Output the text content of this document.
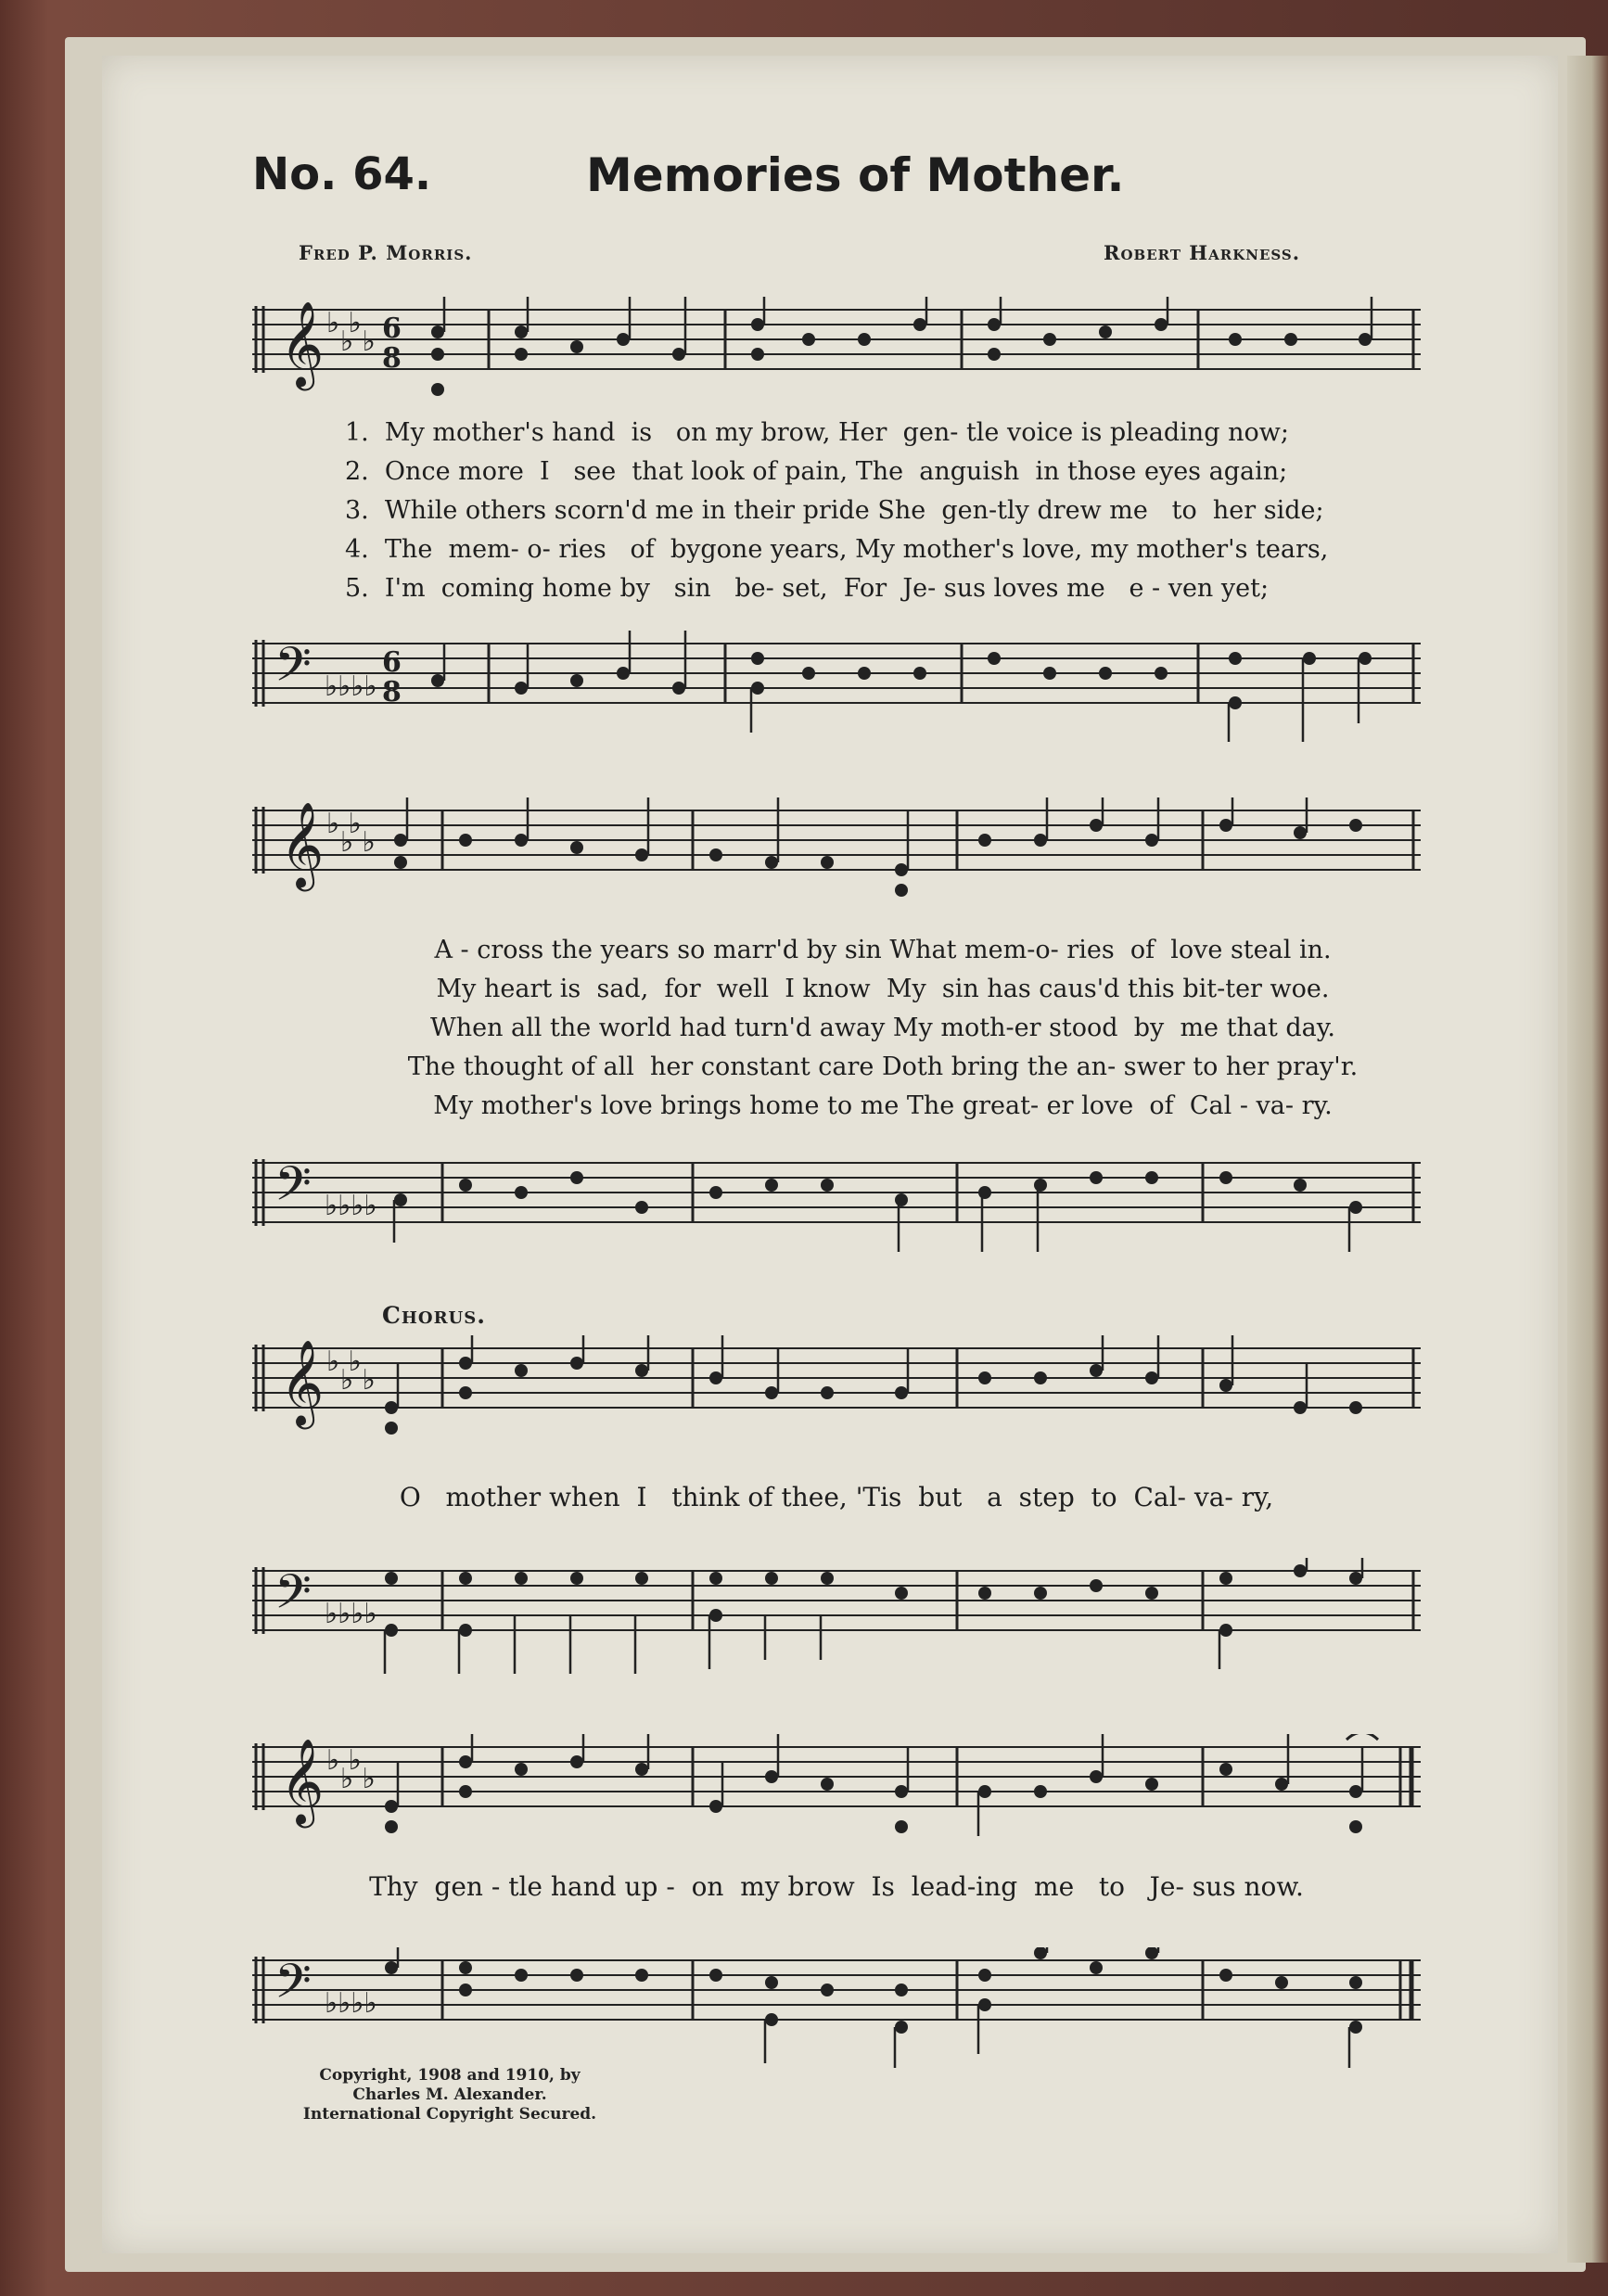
No. 64.	Memories of Mother.
Fred P. Morris.	Robert Harkness.
𝄞 ♭ ♭
♭ ♭ 6
8
1.  My mother's hand  is   on my brow, Her  gen- tle voice is pleading now;
2.  Once more  I   see  that look of pain, The  anguish  in those eyes again;
3.  While others scorn'd me in their pride She  gen-tly drew me   to  her side;
4.  The  mem- o- ries   of  bygone years, My mother's love, my mother's tears,
5.  I'm  coming home by   sin   be- set,  For  Je- sus loves me   e - ven yet;
𝄢 ♭♭♭♭
6
8
𝄞 ♭ ♭
♭ ♭
A - cross the years so marr'd by sin What mem-o- ries  of  love steal in.
My heart is  sad,  for  well  I know  My  sin has caus'd this bit-ter woe.
When all the world had turn'd away My moth-er stood  by  me that day.
The thought of all  her constant care Doth bring the an- swer to her pray'r.
My mother's love brings home to me The great- er love  of  Cal - va- ry.
𝄢 ♭♭♭♭
Chorus.
𝄞 ♭ ♭
♭ ♭
O   mother when  I   think of thee, 'Tis  but   a  step  to  Cal- va- ry,
𝄢 ♭♭♭♭
𝄞 ♭ ♭
♭ ♭
Thy  gen - tle hand up -  on  my brow  Is  lead-ing  me   to   Je- sus now.
𝄢 ♭♭♭♭
Copyright, 1908 and 1910, by
Charles M. Alexander.
International Copyright Secured.
